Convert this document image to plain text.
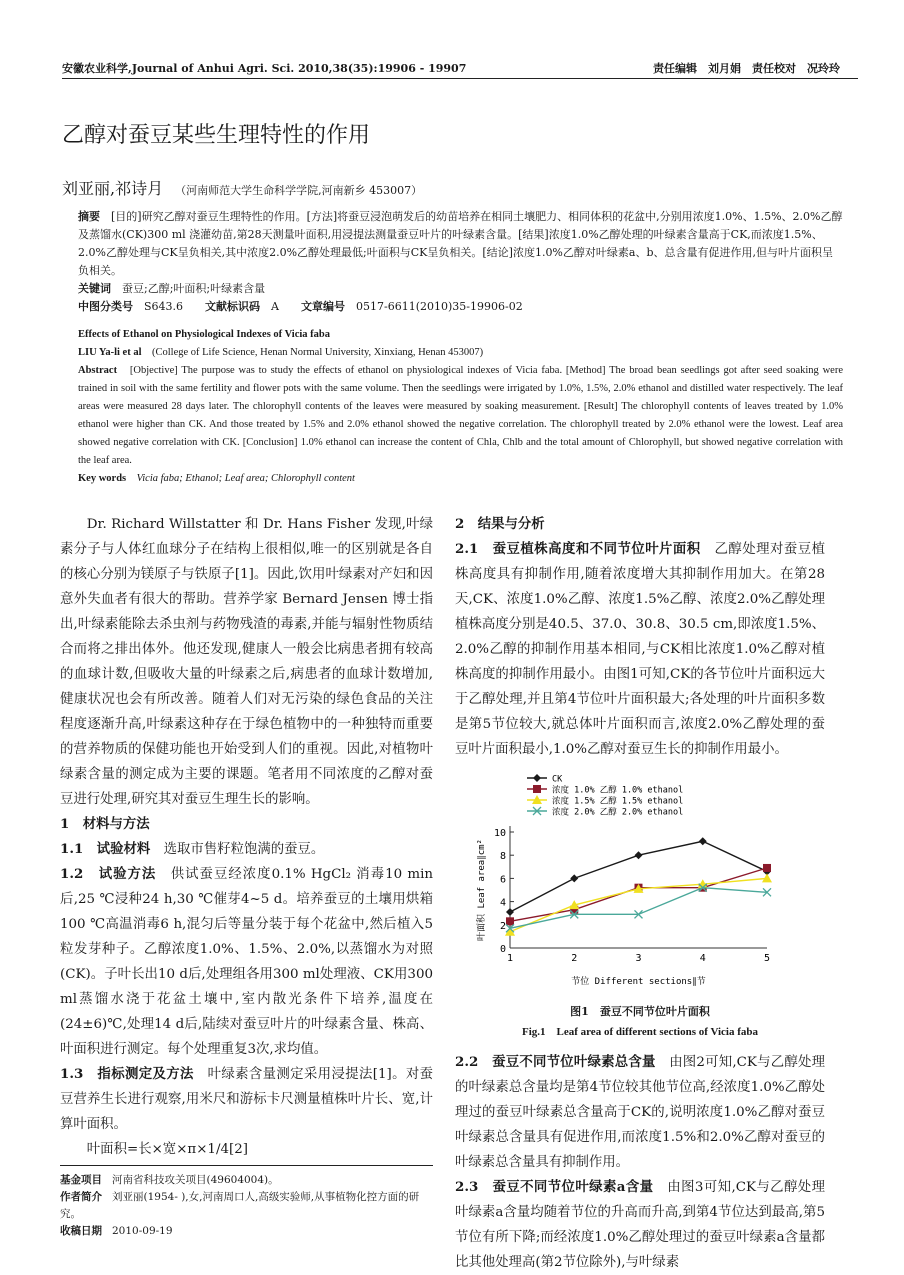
安徽农业科学,Journal of Anhui Agri. Sci. 2010,38(35):19906 - 19907	责任编辑　刘月娟　责任校对　况玲玲
乙醇对蚕豆某些生理特性的作用
刘亚丽,祁诗月 （河南师范大学生命科学学院,河南新乡 453007）
摘要　 [目的]研究乙醇对蚕豆生理特性的作用。[方法]将蚕豆浸泡萌发后的幼苗培养在相同土壤肥力、相同体积的花盆中,分别用浓度1.0%、1.5%、2.0%乙醇及蒸馏水(CK)300 ml 浇灌幼苗,第28天测量叶面积,用浸提法测量蚕豆叶片的叶绿素含量。[结果]浓度1.0%乙醇处理的叶绿素含量高于CK,而浓度1.5%、2.0%乙醇处理与CK呈负相关,其中浓度2.0%乙醇处理最低;叶面积与CK呈负相关。[结论]浓度1.0%乙醇对叶绿素a、b、总含量有促进作用,但与叶片面积呈负相关。
关键词　 蚕豆;乙醇;叶面积;叶绿素含量
中图分类号　 S643.6　　 文献标识码　 A　　 文章编号　 0517-6611(2010)35-19906-02
Effects of Ethanol on Physiological Indexes of Vicia faba
LIU Ya-li et al　 (College of Life Science, Henan Normal University, Xinxiang, Henan 453007)
Abstract　 [Objective] The purpose was to study the effects of ethanol on physiological indexes of Vicia faba. [Method] The broad bean seedlings got after seed soaking were trained in soil with the same fertility and flower pots with the same volume. Then the seedlings were irrigated by 1.0%, 1.5%, 2.0% ethanol and distilled water respectively. The leaf areas were measured 28 days later. The chlorophyll contents of the leaves were measured by soaking measurement. [Result] The chlorophyll contents of leaves treated by 1.0% ethanol were higher than CK. And those treated by 1.5% and 2.0% ethanol showed the negative correlation. The chlorophyll treated by 2.0% ethanol were the lowest. Leaf area showed negative correlation with CK. [Conclusion] 1.0% ethanol can increase the content of Chla, Chlb and the total amount of Chlorophyll, but showed negative correlation with the leaf area.
Key words　 Vicia faba; Ethanol; Leaf area; Chlorophyll content

Dr. Richard Willstatter 和 Dr. Hans Fisher 发现,叶绿素分子与人体红血球分子在结构上很相似,唯一的区别就是各自的核心分别为镁原子与铁原子[1]。因此,饮用叶绿素对产妇和因意外失血者有很大的帮助。营养学家 Bernard Jensen 博士指出,叶绿素能除去杀虫剂与药物残渣的毒素,并能与辐射性物质结合而将之排出体外。他还发现,健康人一般会比病患者拥有较高的血球计数,但吸收大量的叶绿素之后,病患者的血球计数增加,健康状况也会有所改善。随着人们对无污染的绿色食品的关注程度逐渐升高,叶绿素这种存在于绿色植物中的一种独特而重要的营养物质的保健功能也开始受到人们的重视。因此,对植物叶绿素含量的测定成为主要的课题。笔者用不同浓度的乙醇对蚕豆进行处理,研究其对蚕豆生理生长的影响。

1　材料与方法

1.1　试验材料　 选取市售籽粒饱满的蚕豆。

1.2　试验方法　 供试蚕豆经浓度0.1% HgCl₂ 消毒10 min后,25 ℃浸种24 h,30 ℃催芽4~5 d。培养蚕豆的土壤用烘箱100 ℃高温消毒6 h,混匀后等量分装于每个花盆中,然后植入5粒发芽种子。乙醇浓度1.0%、1.5%、2.0%,以蒸馏水为对照(CK)。子叶长出10 d后,处理组各用300 ml处理液、CK用300 ml蒸馏水浇于花盆土壤中,室内散光条件下培养,温度在(24±6)℃,处理14 d后,陆续对蚕豆叶片的叶绿素含量、株高、叶面积进行测定。每个处理重复3次,求均值。

1.3　指标测定及方法　 叶绿素含量测定采用浸提法[1]。对蚕豆营养生长进行观察,用米尺和游标卡尺测量植株叶片长、宽,计算叶面积。

叶面积=长×宽×π×1/4[2]

基金项目 河南省科技攻关项目(49604004)。
作者简介 刘亚丽(1954- ),女,河南周口人,高级实验师,从事植物化控方面的研究。
收稿日期 2010-09-19
2　结果与分析

2.1　蚕豆植株高度和不同节位叶片面积　 乙醇处理对蚕豆植株高度具有抑制作用,随着浓度增大其抑制作用加大。在第28天,CK、浓度1.0%乙醇、浓度1.5%乙醇、浓度2.0%乙醇处理植株高度分别是40.5、37.0、30.8、30.5 cm,即浓度1.5%、2.0%乙醇的抑制作用基本相同,与CK相比浓度1.0%乙醇对植株高度的抑制作用最小。由图1可知,CK的各节位叶片面积远大于乙醇处理,并且第4节位叶片面积最大;各处理的叶片面积多数是第5节位较大,就总体叶片面积而言,浓度2.0%乙醇处理的蚕豆叶片面积最小,1.0%乙醇对蚕豆生长的抑制作用最小。

0
2
4
6
8
10
1	2	3	4	5
节位 Different sections∥节
叶面积 Leaf area∥cm²
CK
浓度 1.0% 乙醇 1.0% ethanol
浓度 1.5% 乙醇 1.5% ethanol
浓度 2.0% 乙醇 2.0% ethanol
图1　蚕豆不同节位叶片面积
Fig.1　Leaf area of different sections of Vicia faba

2.2　蚕豆不同节位叶绿素总含量　 由图2可知,CK与乙醇处理的叶绿素总含量均是第4节位较其他节位高,经浓度1.0%乙醇处理过的蚕豆叶绿素总含量高于CK的,说明浓度1.0%乙醇对蚕豆叶绿素总含量具有促进作用,而浓度1.5%和2.0%乙醇对蚕豆的叶绿素总含量具有抑制作用。

2.3　蚕豆不同节位叶绿素a含量　 由图3可知,CK与乙醇处理叶绿素a含量均随着节位的升高而升高,到第4节位达到最高,第5节位有所下降;而经浓度1.0%乙醇处理过的蚕豆叶绿素a含量都比其他处理高(第2节位除外),与叶绿素
